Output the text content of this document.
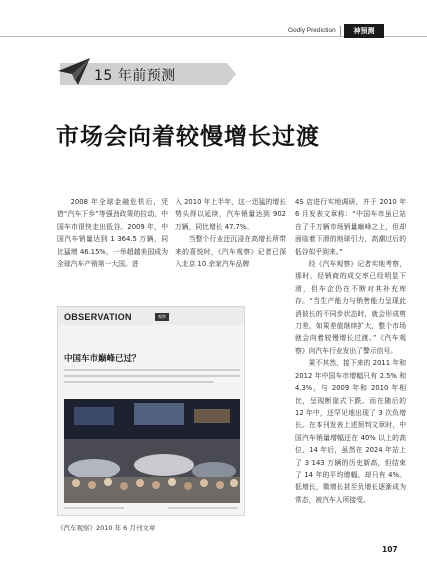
Godly Prediction	神预测
15 年前预测
市场会向着较慢增长过渡

2008 年全球金融危机后，凭借“汽车下乡”等强劲政策的拉动，中国车市很快走出低谷。2009 年，中国汽车销量达到 1 364.5 万辆，同比猛增 46.15%，一举超越美国成为全球汽车产销第一大国。进

入 2010 年上半年，这一迅猛的增长势头得以延续，汽车销量达到 902 万辆，同比增长 47.7%。

当整个行业还沉浸在高增长所带来的喜悦时，《汽车观察》记者已深入北京 10 余家汽车品牌

4S 店进行实地调研，并于 2010 年 6 月发表文章称：“中国车市虽已站在了千万辆市场销量巅峰之上，但却面临着下滑的地球引力，高潮过后的低谷似乎到来。”

经《汽车观察》记者实地考察，那时，经销商的成交率已经明显下滑，但车企仍在不断对其补充库存。“当生产能力与销售能力呈现此消彼长的不同步状态时，就会形成剪刀差，如果差值继续扩大，整个市场就会向着较慢增长过渡。”《汽车观察》向汽车行业发出了警示信号。

果不其然，接下来的 2011 年和 2012 年中国车市增幅只有 2.5% 和 4.3%，与 2009 年和 2010 年相比，呈现断崖式下跌。而在随后的 12 年中，还罕见地出现了 3 次负增长。在本刊发表上述预判文章时，中国汽车销量增幅还在 40% 以上的高位，14 年后，虽然在 2024 年站上了 3 143 万辆的历史新高，但结束了 14 年的平均增幅，却只有 4%。低增长，微增长甚至负增长逐渐成为常态，被汽车人所接受。

OBSERVATION	观察
中国车市巅峰已过？
《汽车观察》2010 年 6 月刊文章
107
